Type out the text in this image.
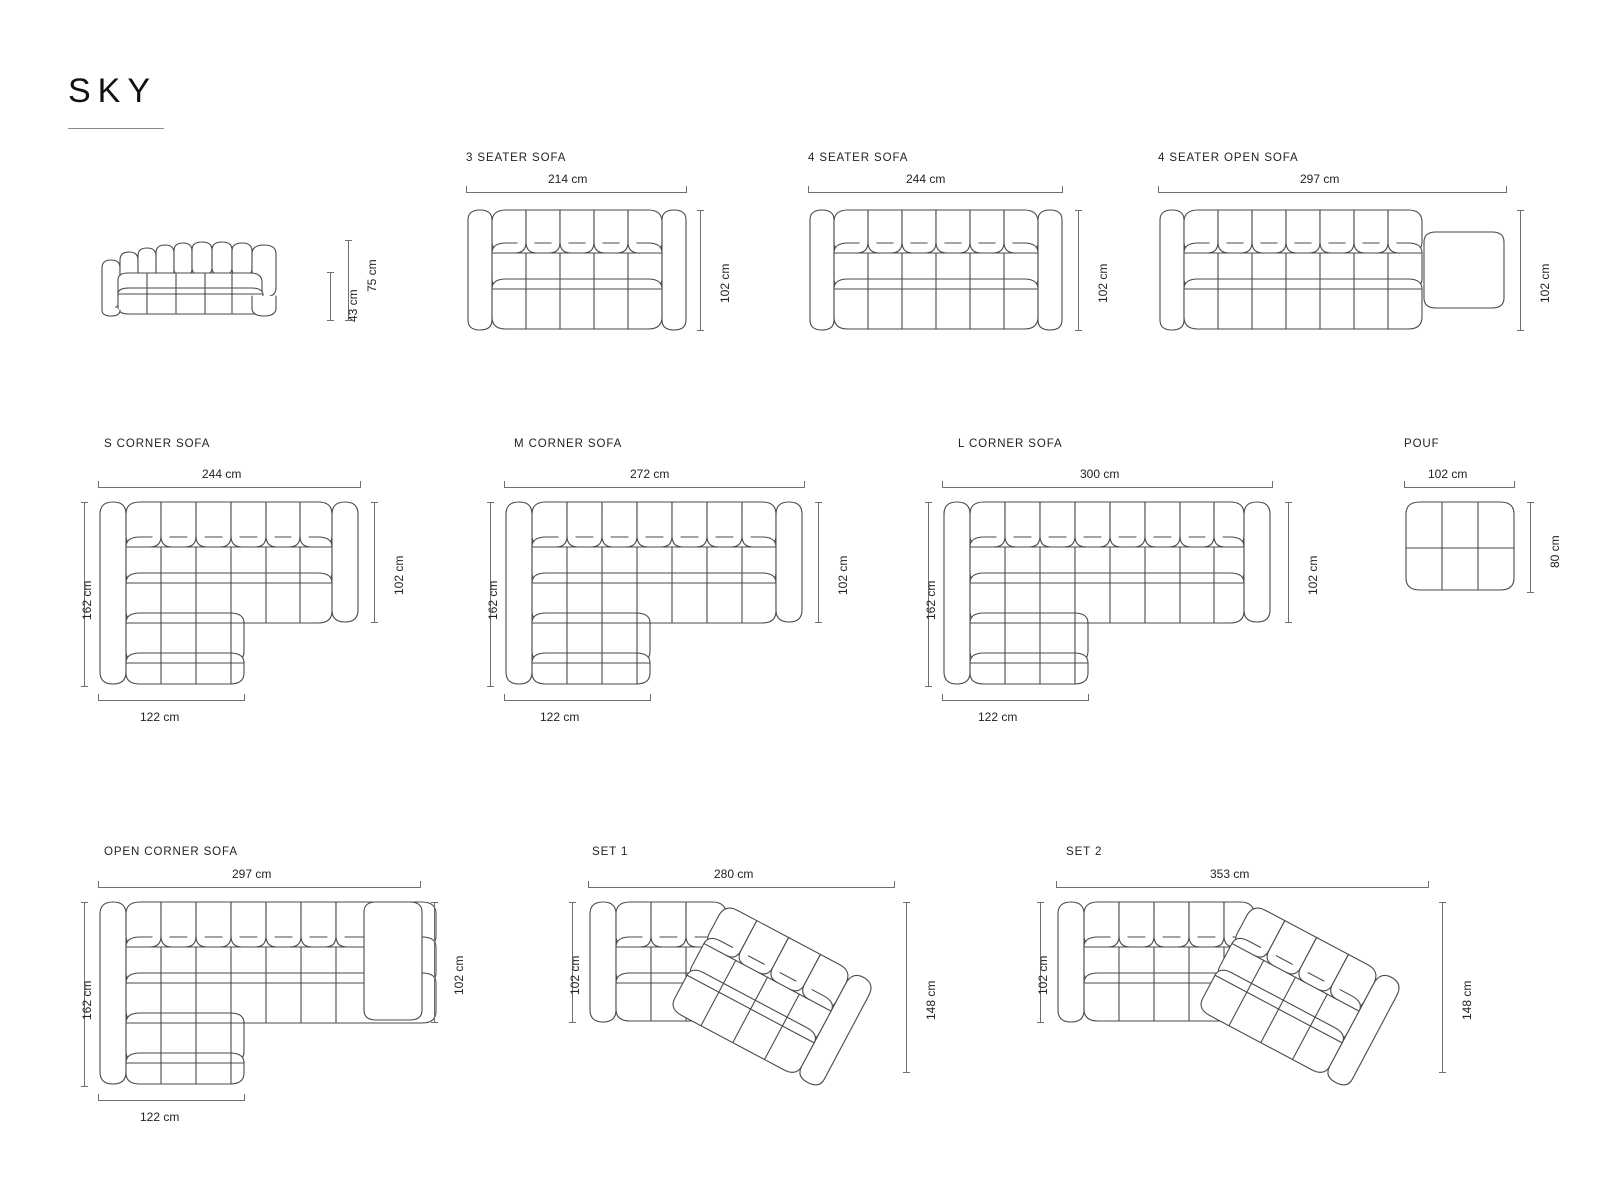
SKY
75 cm
43 cm
3 SEATER SOFA
214 cm
102 cm
4 SEATER SOFA
244 cm
102 cm
4 SEATER OPEN SOFA
297 cm
102 cm
S CORNER SOFA
244 cm
102 cm
162 cm
122 cm
M CORNER SOFA
272 cm
102 cm
162 cm
122 cm
L CORNER SOFA
300 cm
102 cm
162 cm
122 cm
POUF
102 cm
80 cm
OPEN CORNER SOFA
297 cm
102 cm
162 cm
122 cm
SET 1
280 cm
102 cm
148 cm
SET 2
353 cm
102 cm
148 cm
